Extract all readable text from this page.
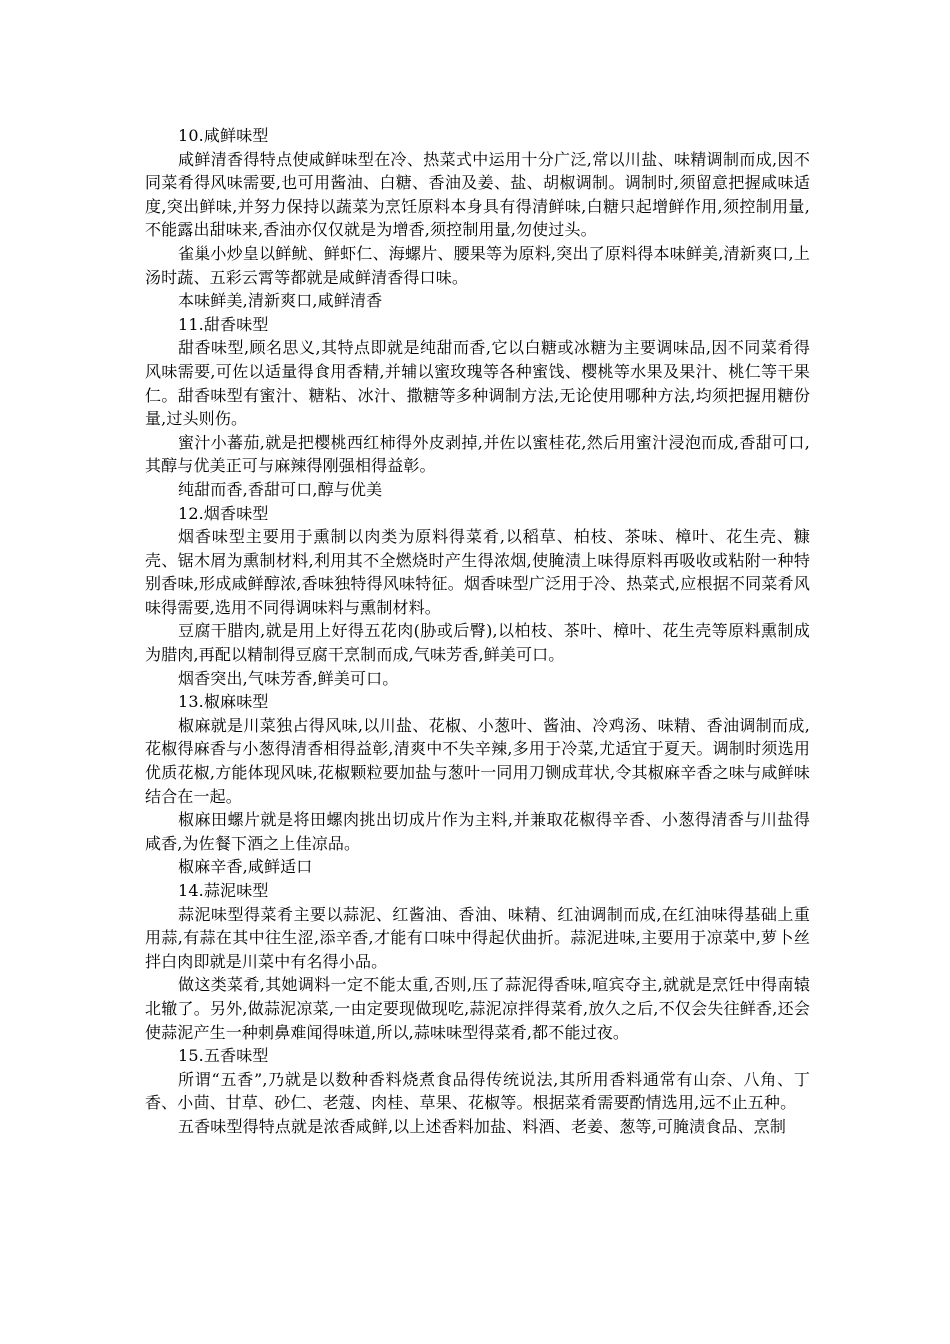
10.咸鲜味型

咸鲜清香得特点使咸鲜味型在冷、热菜式中运用十分广泛,常以川盐、味精调制而成,因不同菜肴得风味需要,也可用酱油、白糖、香油及姜、盐、胡椒调制。调制时,须留意把握咸味适度,突出鲜味,并努力保持以蔬菜为烹饪原料本身具有得清鲜味,白糖只起增鲜作用,须控制用量,不能露出甜味来,香油亦仅仅就是为增香,须控制用量,勿使过头。

雀巢小炒皇以鲜鱿、鲜虾仁、海螺片、腰果等为原料,突出了原料得本味鲜美,清新爽口,上汤时蔬、五彩云霄等都就是咸鲜清香得口味。

本味鲜美,清新爽口,咸鲜清香

11.甜香味型

甜香味型,顾名思义,其特点即就是纯甜而香,它以白糖或冰糖为主要调味品,因不同菜肴得风味需要,可佐以适量得食用香精,并辅以蜜玫瑰等各种蜜饯、樱桃等水果及果汁、桃仁等干果仁。甜香味型有蜜汁、糖粘、冰汁、撒糖等多种调制方法,无论使用哪种方法,均须把握用糖份量,过头则伤。

蜜汁小蕃茄,就是把樱桃西红柿得外皮剥掉,并佐以蜜桂花,然后用蜜汁浸泡而成,香甜可口,其醇与优美正可与麻辣得刚强相得益彰。

纯甜而香,香甜可口,醇与优美

12.烟香味型

烟香味型主要用于熏制以肉类为原料得菜肴,以稻草、柏枝、茶味、樟叶、花生壳、糠壳、锯木屑为熏制材料,利用其不全燃烧时产生得浓烟,使腌渍上味得原料再吸收或粘附一种特别香味,形成咸鲜醇浓,香味独特得风味特征。烟香味型广泛用于冷、热菜式,应根据不同菜肴风味得需要,选用不同得调味料与熏制材料。

豆腐干腊肉,就是用上好得五花肉(胁或后臀),以柏枝、茶叶、樟叶、花生壳等原料熏制成为腊肉,再配以精制得豆腐干烹制而成,气味芳香,鲜美可口。

烟香突出,气味芳香,鲜美可口。

13.椒麻味型

椒麻就是川菜独占得风味,以川盐、花椒、小葱叶、酱油、冷鸡汤、味精、香油调制而成,花椒得麻香与小葱得清香相得益彰,清爽中不失辛辣,多用于冷菜,尤适宜于夏天。调制时须选用优质花椒,方能体现风味,花椒颗粒要加盐与葱叶一同用刀铡成茸状,令其椒麻辛香之味与咸鲜味结合在一起。

椒麻田螺片就是将田螺肉挑出切成片作为主料,并兼取花椒得辛香、小葱得清香与川盐得咸香,为佐餐下酒之上佳凉品。

椒麻辛香,咸鲜适口

14.蒜泥味型

蒜泥味型得菜肴主要以蒜泥、红酱油、香油、味精、红油调制而成,在红油味得基础上重用蒜,有蒜在其中往生涩,添辛香,才能有口味中得起伏曲折。蒜泥进味,主要用于凉菜中,萝卜丝拌白肉即就是川菜中有名得小品。

做这类菜肴,其她调料一定不能太重,否则,压了蒜泥得香味,喧宾夺主,就就是烹饪中得南辕北辙了。另外,做蒜泥凉菜,一由定要现做现吃,蒜泥凉拌得菜肴,放久之后,不仅会失往鲜香,还会使蒜泥产生一种刺鼻难闻得味道,所以,蒜味味型得菜肴,都不能过夜。

15.五香味型

所谓“五香”,乃就是以数种香料烧煮食品得传统说法,其所用香料通常有山奈、八角、丁香、小茴、甘草、砂仁、老蔻、肉桂、草果、花椒等。根据菜肴需要酌情选用,远不止五种。

五香味型得特点就是浓香咸鲜,以上述香料加盐、料酒、老姜、葱等,可腌渍食品、烹制
